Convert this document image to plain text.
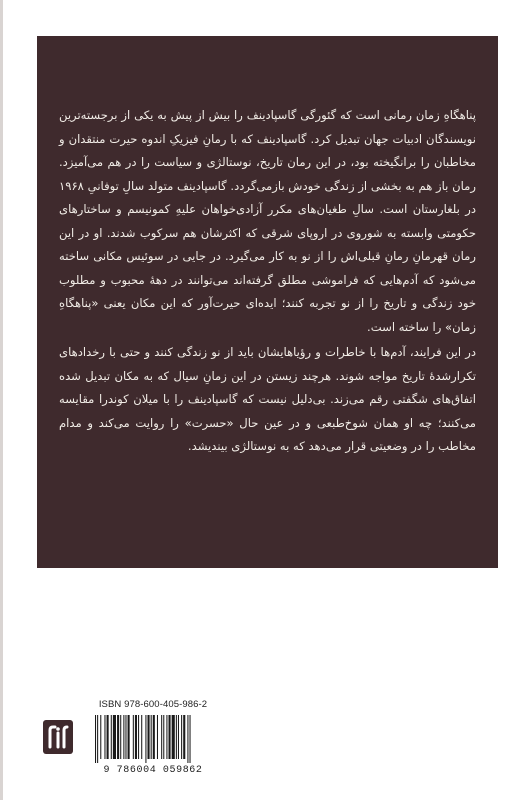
پناهگاهِ زمان رمانی است که گئورگی گاسپادینف را بیش از پیش به یکی از برجسته‌ترین نویسندگان ادبیات جهان تبدیل کرد. گاسپادینف که با رمانِ فیزیکِ اندوه حیرت منتقدان و مخاطبان را برانگیخته بود، در این رمان تاریخ، نوستالژی و سیاست را در هم می‌آمیزد. رمان باز هم به بخشی از زندگی خودش بازمی‌گردد. گاسپادینف متولد سالِ توفانیِ ۱۹۶۸ در بلغارستان است. سالِ طغیان‌های مکرر آزادی‌خواهان علیهِ کمونیسم و ساختارهای حکومتی وابسته به شوروی در اروپای شرقی که اکثرشان هم سرکوب شدند. او در این رمان قهرمانِ رمانِ قبلی‌اش را از نو به کار می‌گیرد. در جایی در سوئیس مکانی ساخته می‌شود که آدم‌هایی که فراموشی مطلق گرفته‌اند می‌توانند در دههٔ محبوب و مطلوب خود زندگی و تاریخ را از نو تجربه کنند؛ ایده‌ای حیرت‌آور که این مکان یعنی «پناهگاهِ زمان» را ساخته است.

در این فرایند، آدم‌ها با خاطرات و رؤیاهایشان باید از نو زندگی کنند و حتی با رخدادهای تکرارشدهٔ تاریخ مواجه شوند. هرچند زیستن در این زمانِ سیال که به مکان تبدیل شده اتفاق‌های شگفتی رقم می‌زند. بی‌دلیل نیست که گاسپادینف را با میلان کوندرا مقایسه می‌کنند؛ چه او همان شوخ‌طبعی و در عین حال «حسرت» را روایت می‌کند و مدام مخاطب را در وضعیتی قرار می‌دهد که به نوستالژی بیندیشد.

ISBN 978-600-405-986-2
9 786004 059862
